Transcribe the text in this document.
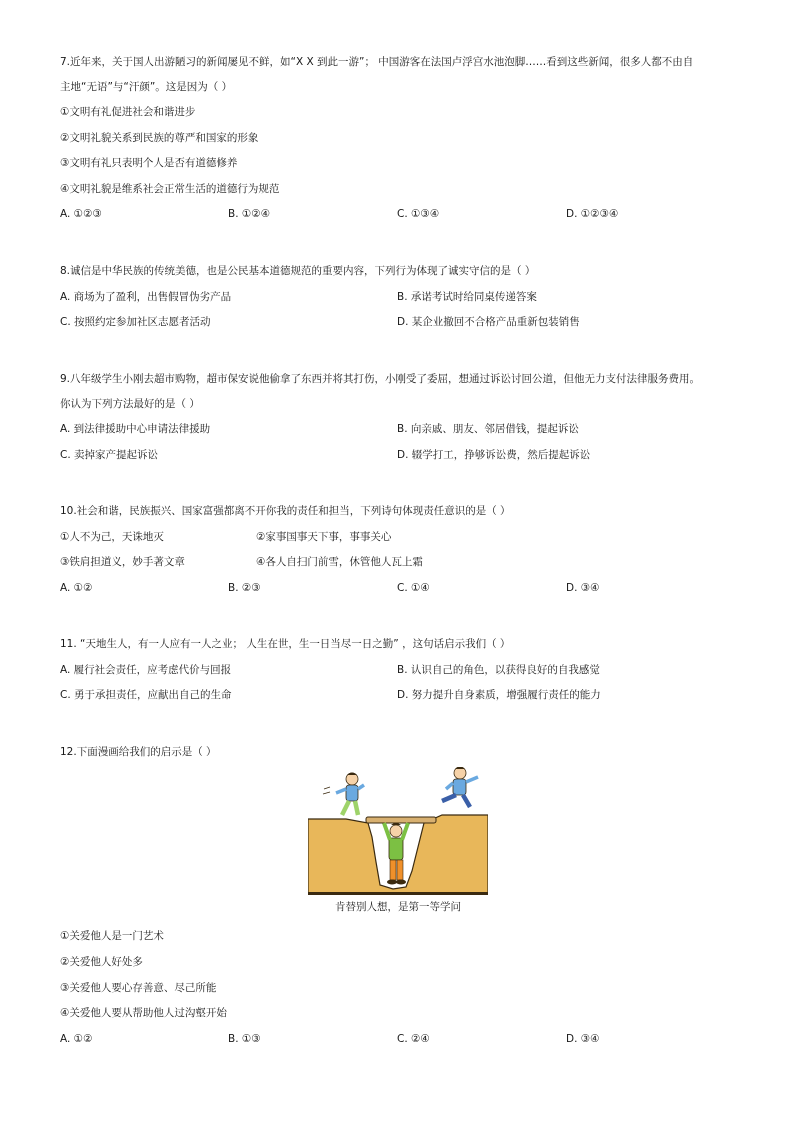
7.近年来，关于国人出游陋习的新闻屡见不鲜，如“X X 到此一游”； 中国游客在法国卢浮宫水池泡脚……看到这些新闻，很多人都不由自
主地“无语”与“汗颜”。这是因为（ ）
①文明有礼促进社会和谐进步
②文明礼貌关系到民族的尊严和国家的形象
③文明有礼只表明个人是否有道德修养
④文明礼貌是维系社会正常生活的道德行为规范
A. ①②③	B. ①②④	C. ①③④	D. ①②③④
8.诚信是中华民族的传统美德，也是公民基本道德规范的重要内容，下列行为体现了诚实守信的是（ ）
A. 商场为了盈利，出售假冒伪劣产品	B. 承诺考试时给同桌传递答案
C. 按照约定参加社区志愿者活动	D. 某企业撤回不合格产品重新包装销售
9.八年级学生小刚去超市购物，超市保安说他偷拿了东西并将其打伤，小刚受了委屈，想通过诉讼讨回公道，但他无力支付法律服务费用。
你认为下列方法最好的是（ ）
A. 到法律援助中心申请法律援助	B. 向亲戚、朋友、邻居借钱，提起诉讼
C. 卖掉家产提起诉讼	D. 辍学打工，挣够诉讼费，然后提起诉讼
10.社会和谐，民族振兴、国家富强都离不开你我的责任和担当，下列诗句体现责任意识的是（ ）
①人不为己，天诛地灭	②家事国事天下事，事事关心
③铁肩担道义，妙手著文章	④各人自扫门前雪，休管他人瓦上霜
A. ①②	B. ②③	C. ①④	D. ③④
11. “天地生人，有一人应有一人之业； 人生在世，生一日当尽一日之勤” ，这句话启示我们（ ）
A. 履行社会责任，应考虑代价与回报	B. 认识自己的角色，以获得良好的自我感觉
C. 勇于承担责任，应献出自己的生命	D. 努力提升自身素质，增强履行责任的能力
12.下面漫画给我们的启示是（ ）
肯替别人想，是第一等学问
①关爱他人是一门艺术
②关爱他人好处多
③关爱他人要心存善意、尽己所能
④关爱他人要从帮助他人过沟壑开始
A. ①②	B. ①③	C. ②④	D. ③④
